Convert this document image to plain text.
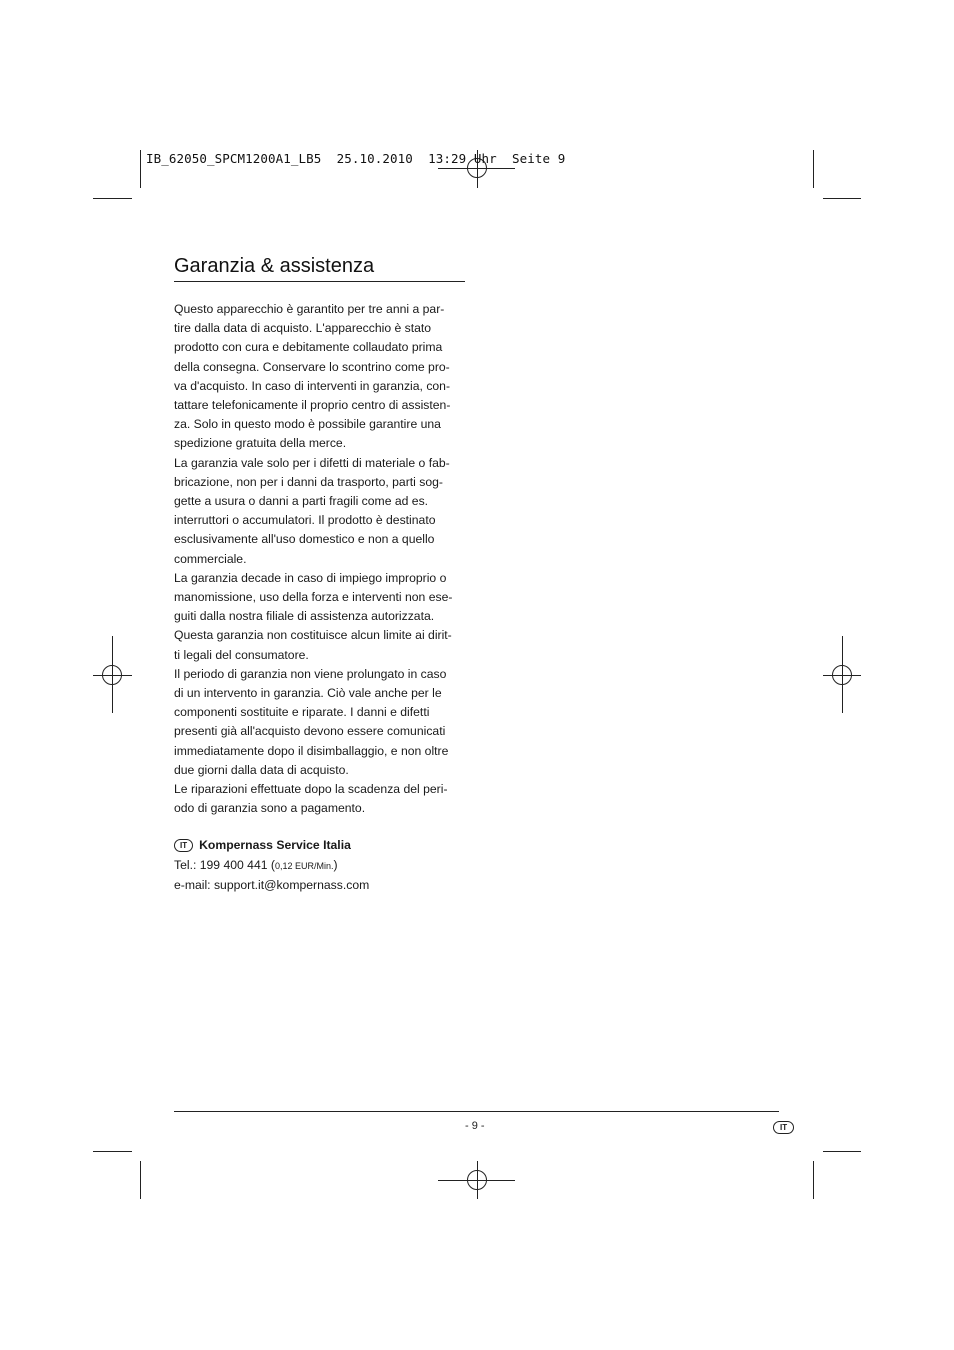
IB_62050_SPCM1200A1_LB5  25.10.2010  13:29 Uhr  Seite 9
Garanzia & assistenza
Questo apparecchio è garantito per tre anni a par-
tire dalla data di acquisto. L'apparecchio è stato
prodotto con cura e debitamente collaudato prima
della consegna. Conservare lo scontrino come pro-
va d'acquisto. In caso di interventi in garanzia, con-
tattare telefonicamente il proprio centro di assisten-
za. Solo in questo modo è possibile garantire una
spedizione gratuita della merce.
La garanzia vale solo per i difetti di materiale o fab-
bricazione, non per i danni da trasporto, parti sog-
gette a usura o danni a parti fragili come ad es.
interruttori o accumulatori. Il prodotto è destinato
esclusivamente all'uso domestico e non a quello
commerciale.
La garanzia decade in caso di impiego improprio o
manomissione, uso della forza e interventi non ese-
guiti dalla nostra filiale di assistenza autorizzata.
Questa garanzia non costituisce alcun limite ai dirit-
ti legali del consumatore.
Il periodo di garanzia non viene prolungato in caso
di un intervento in garanzia. Ciò vale anche per le
componenti sostituite e riparate. I danni e difetti
presenti già all'acquisto devono essere comunicati
immediatamente dopo il disimballaggio, e non oltre
due giorni dalla data di acquisto.
Le riparazioni effettuate dopo la scadenza del peri-
odo di garanzia sono a pagamento.
IT Kompernass Service Italia
Tel.: 199 400 441 (0,12 EUR/Min.)
e-mail: support.it@kompernass.com
- 9 -	IT
